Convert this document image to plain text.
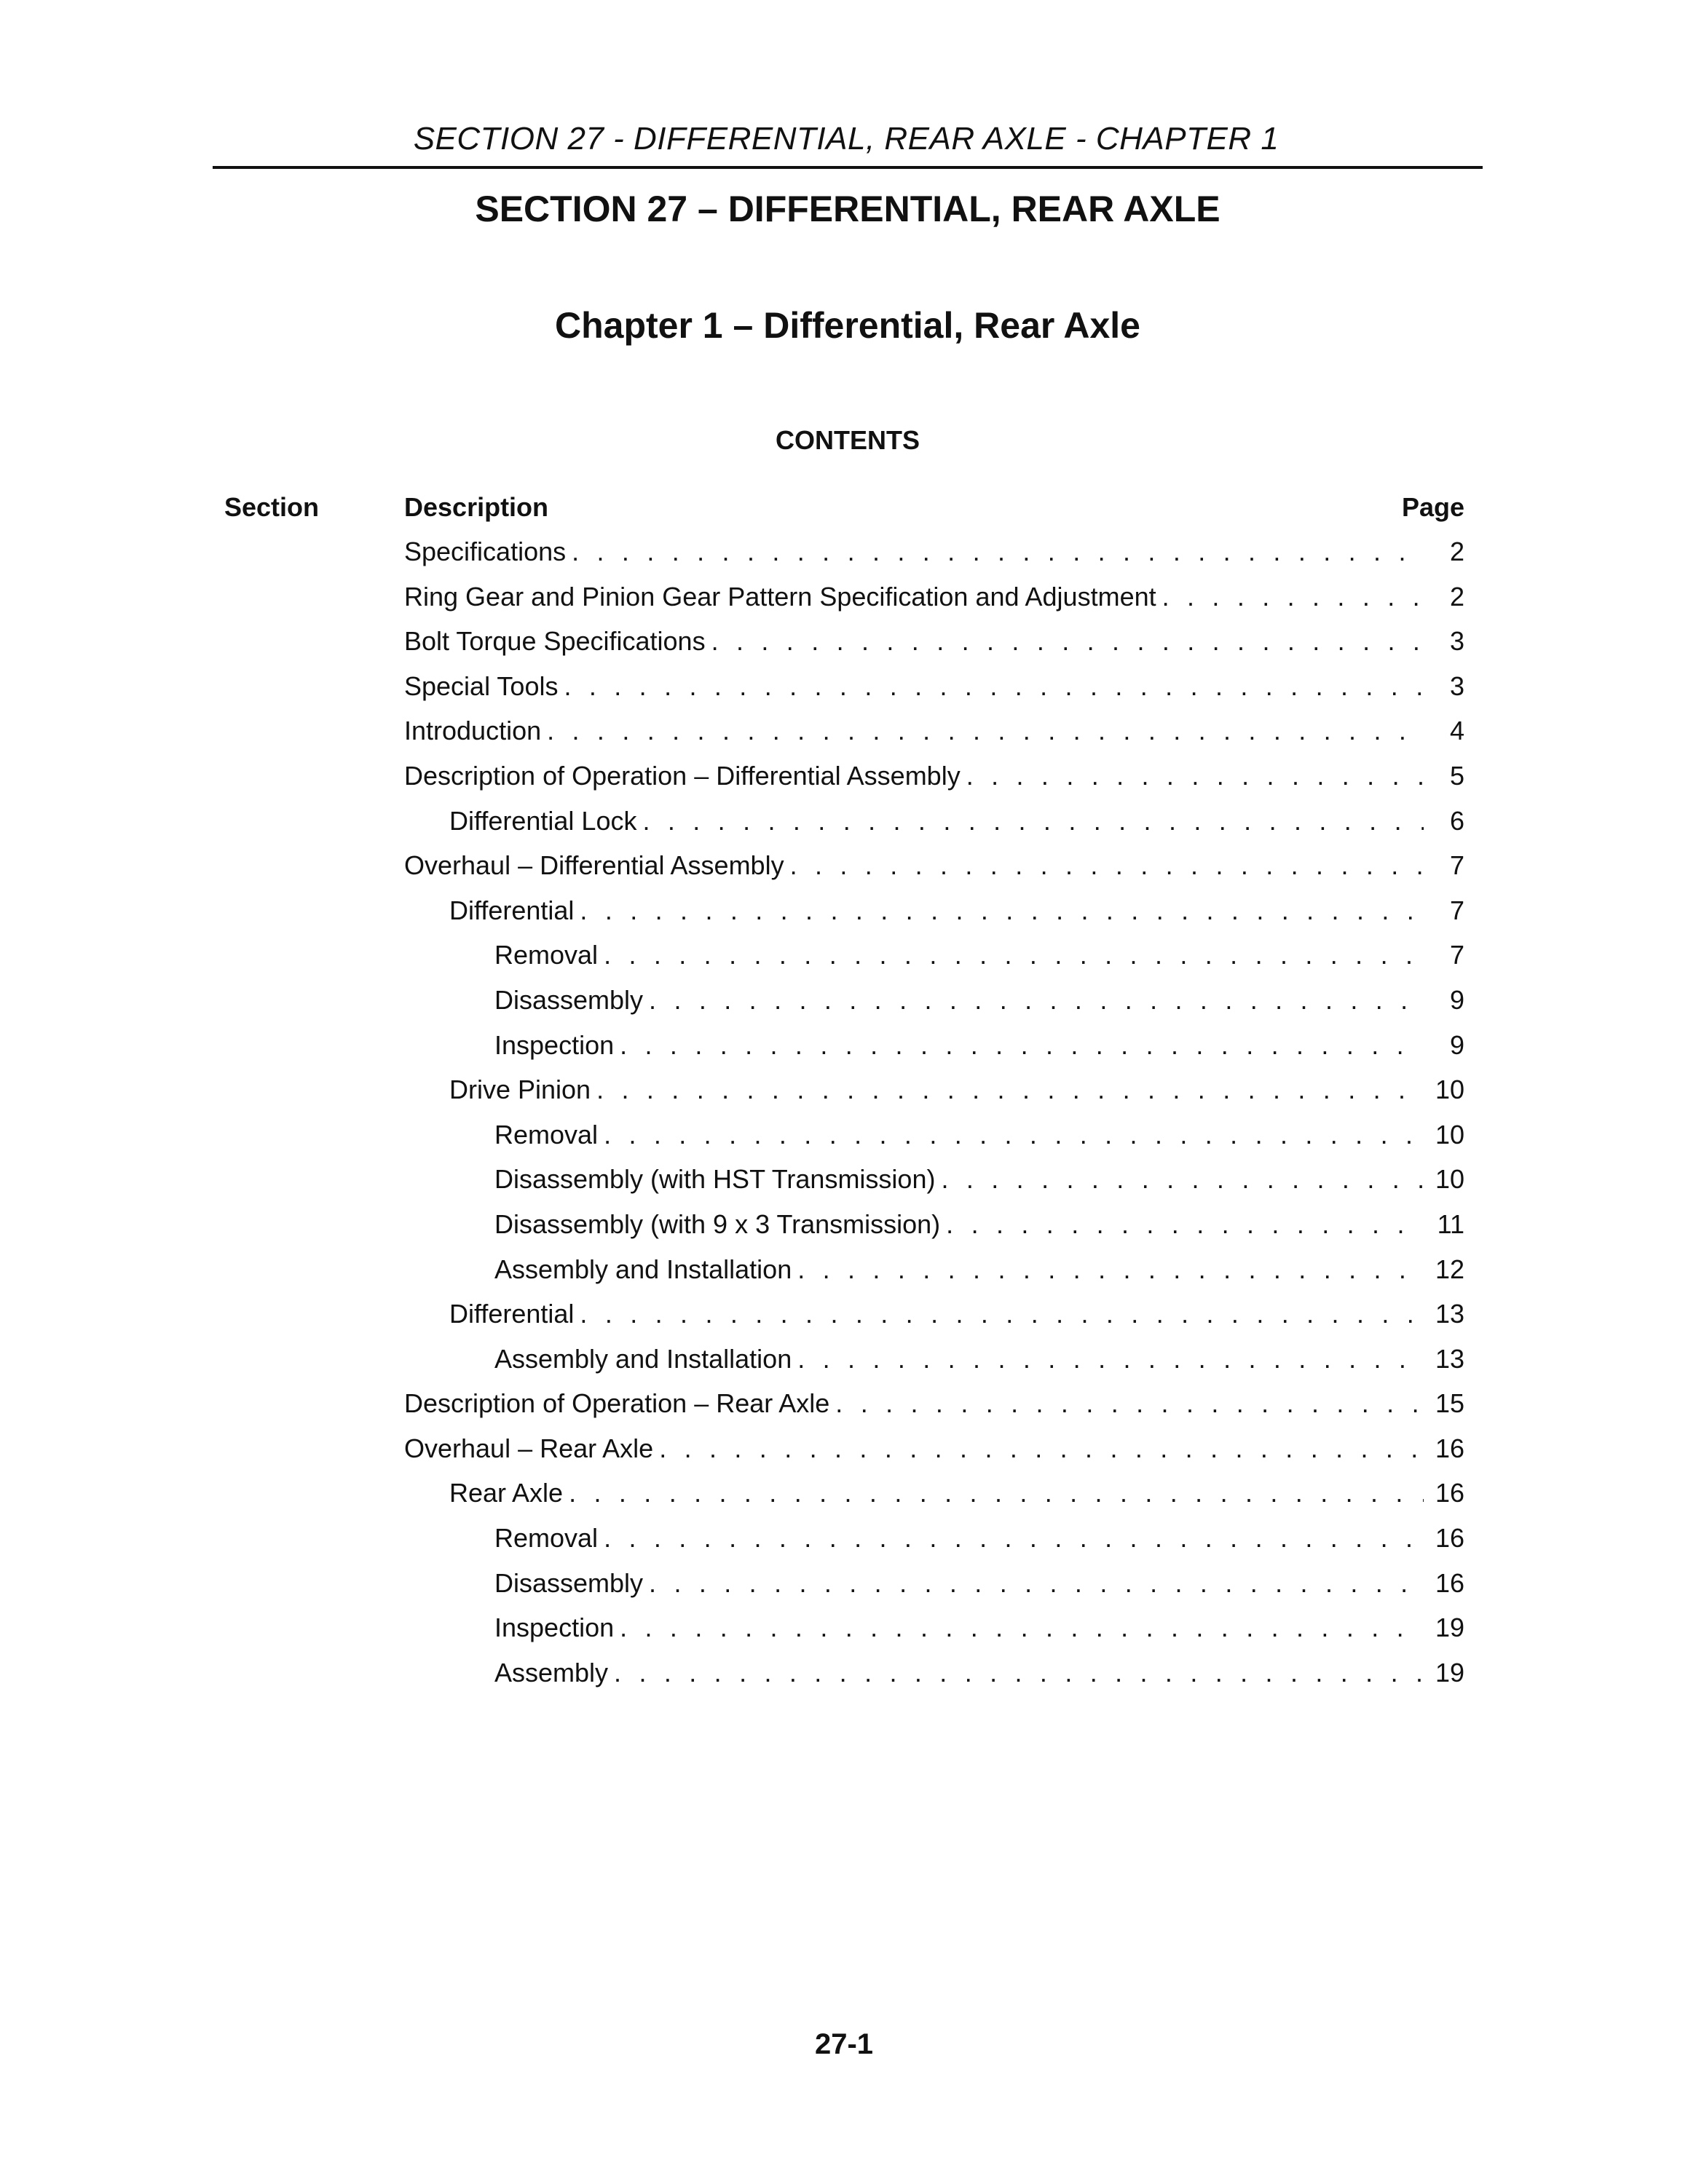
SECTION 27 - DIFFERENTIAL, REAR AXLE - CHAPTER 1
SECTION 27 – DIFFERENTIAL, REAR AXLE
Chapter 1 – Differential, Rear Axle
CONTENTS
Section	Description	Page
Specifications . . .	2
Ring Gear and Pinion Gear Pattern Specification and Adjustment . . .	2
Bolt Torque Specifications . . .	3
Special Tools . . .	3
Introduction . . .	4
Description of Operation – Differential Assembly . . .	5
Differential Lock . . .	6
Overhaul – Differential Assembly . . .	7
Differential . . .	7
Removal . . .	7
Disassembly . . .	9
Inspection . . .	9
Drive Pinion . . .	10
Removal . . .	10
Disassembly (with HST Transmission) . . .	10
Disassembly (with 9 x 3 Transmission) . . .	11
Assembly and Installation . . .	12
Differential . . .	13
Assembly and Installation . . .	13
Description of Operation – Rear Axle . . .	15
Overhaul – Rear Axle . . .	16
Rear Axle . . .	16
Removal . . .	16
Disassembly . . .	16
Inspection . . .	19
Assembly . . .	19
27-1
